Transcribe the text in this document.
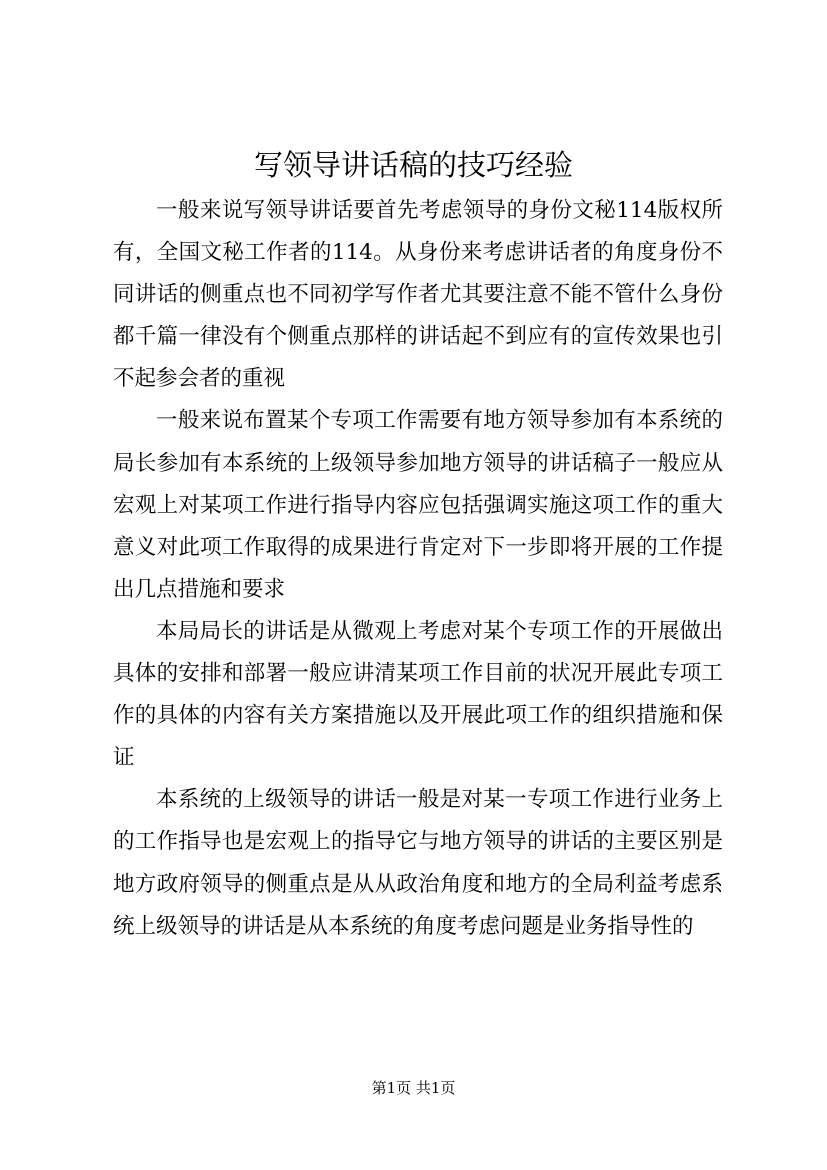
写领导讲话稿的技巧经验

一般来说写领导讲话要首先考虑领导的身份文秘114版权所有，全国文秘工作者的114。从身份来考虑讲话者的角度身份不同讲话的侧重点也不同初学写作者尤其要注意不能不管什么身份都千篇一律没有个侧重点那样的讲话起不到应有的宣传效果也引不起参会者的重视

一般来说布置某个专项工作需要有地方领导参加有本系统的局长参加有本系统的上级领导参加地方领导的讲话稿子一般应从宏观上对某项工作进行指导内容应包括强调实施这项工作的重大意义对此项工作取得的成果进行肯定对下一步即将开展的工作提出几点措施和要求

本局局长的讲话是从微观上考虑对某个专项工作的开展做出具体的安排和部署一般应讲清某项工作目前的状况开展此专项工作的具体的内容有关方案措施以及开展此项工作的组织措施和保证

本系统的上级领导的讲话一般是对某一专项工作进行业务上的工作指导也是宏观上的指导它与地方领导的讲话的主要区别是地方政府领导的侧重点是从从政治角度和地方的全局利益考虑系统上级领导的讲话是从本系统的角度考虑问题是业务指导性的

第1页 共1页
